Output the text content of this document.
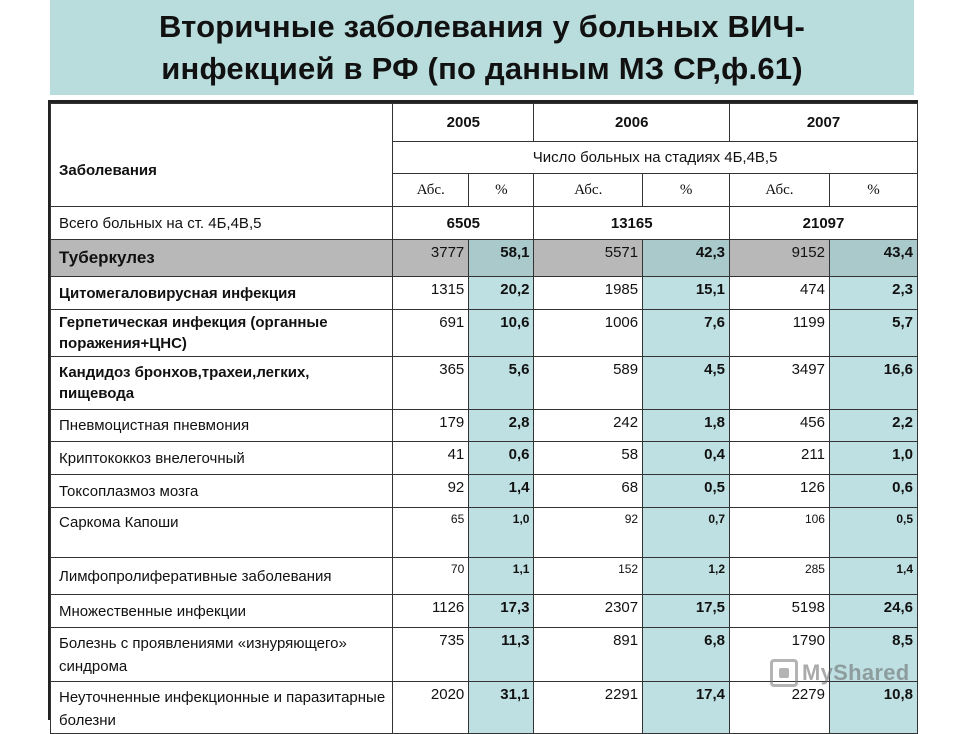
Вторичные заболевания у больных ВИЧ-
инфекцией в РФ (по данным МЗ СР,ф.61)
Заболевания	2005		2006		2007	
	Число больных на стадиях 4Б,4В,5					
	Абс.	%	Абс.	%	Абс.	%
Всего больных на ст. 4Б,4В,5	6505		13165		21097	
Туберкулез	3777	58,1	5571	42,3	9152	43,4
Цитомегаловирусная инфекция	1315	20,2	1985	15,1	474	2,3
Герпетическая инфекция (органные поражения+ЦНС)	691	10,6	1006	7,6	1199	5,7
Кандидоз бронхов,трахеи,легких, пищевода	365	5,6	589	4,5	3497	16,6
Пневмоцистная пневмония	179	2,8	242	1,8	456	2,2
Криптококкоз внелегочный	41	0,6	58	0,4	211	1,0
Токсоплазмоз мозга	92	1,4	68	0,5	126	0,6
Саркома Капоши	65	1,0	92	0,7	106	0,5
Лимфопролиферативные заболевания	70	1,1	152	1,2	285	1,4
Множественные инфекции	1126	17,3	2307	17,5	5198	24,6
Болезнь с проявлениями «изнуряющего» синдрома	735	11,3	891	6,8	1790	8,5
Неуточненные инфекционные и паразитарные болезни	2020	31,1	2291	17,4	2279	10,8
MyShared
